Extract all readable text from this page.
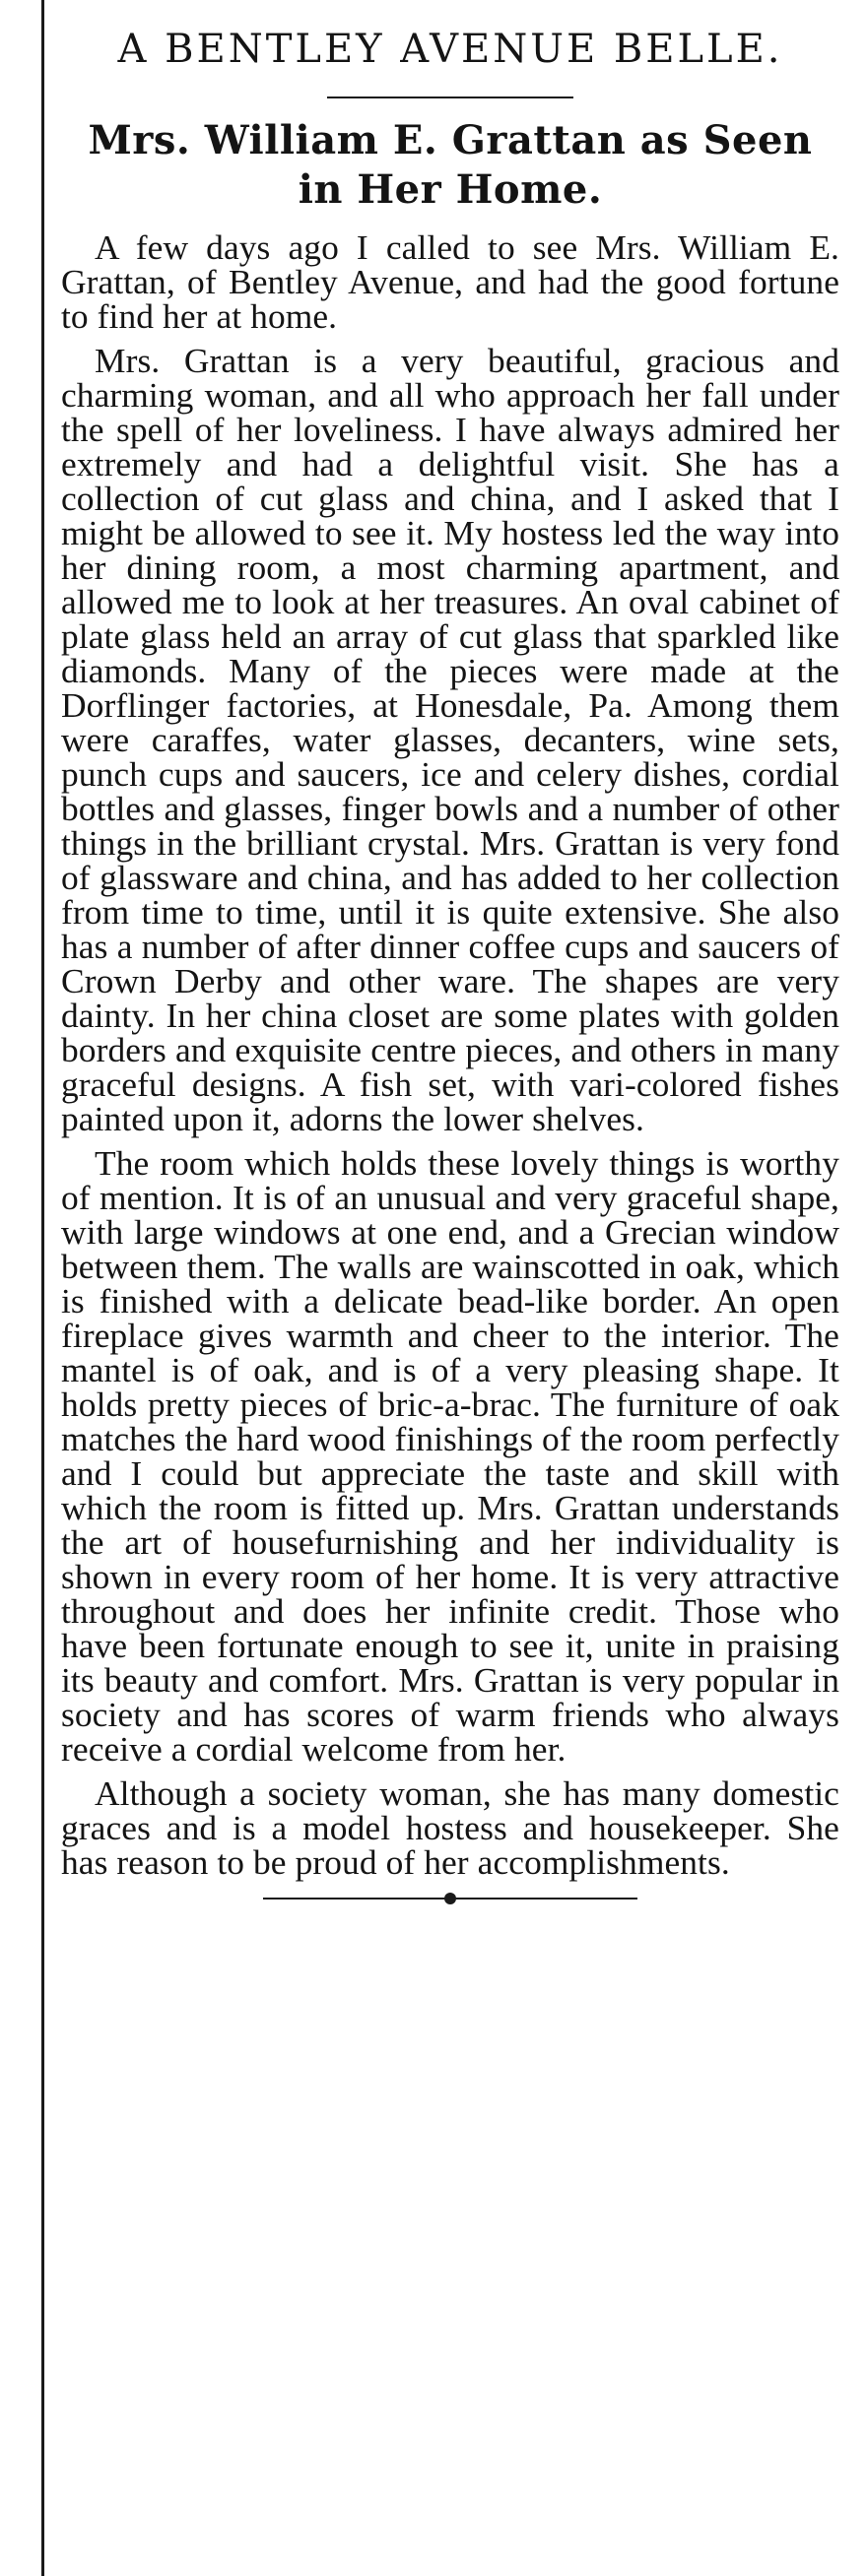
A BENTLEY AVENUE BELLE.
Mrs. William E. Grattan as Seen in Her Home.

A few days ago I called to see Mrs. William E. Grattan, of Bentley Avenue, and had the good fortune to find her at home.

Mrs. Grattan is a very beautiful, gracious and charming woman, and all who approach her fall under the spell of her loveliness. I have always admired her extremely and had a delightful visit. She has a collection of cut glass and china, and I asked that I might be allowed to see it. My hostess led the way into her dining room, a most charming apartment, and allowed me to look at her treasures. An oval cabinet of plate glass held an array of cut glass that sparkled like diamonds. Many of the pieces were made at the Dorflinger factories, at Honesdale, Pa. Among them were caraffes, water glasses, decanters, wine sets, punch cups and saucers, ice and celery dishes, cordial bottles and glasses, finger bowls and a number of other things in the brilliant crystal. Mrs. Grattan is very fond of glassware and china, and has added to her collection from time to time, until it is quite extensive. She also has a number of after dinner coffee cups and saucers of Crown Derby and other ware. The shapes are very dainty. In her china closet are some plates with golden borders and exquisite centre pieces, and others in many graceful designs. A fish set, with vari-colored fishes painted upon it, adorns the lower shelves.

The room which holds these lovely things is worthy of mention. It is of an unusual and very graceful shape, with large windows at one end, and a Grecian window between them. The walls are wainscotted in oak, which is finished with a delicate bead-like border. An open fireplace gives warmth and cheer to the interior. The mantel is of oak, and is of a very pleasing shape. It holds pretty pieces of bric-a-brac. The furniture of oak matches the hard wood finishings of the room perfectly and I could but appreciate the taste and skill with which the room is fitted up. Mrs. Grattan understands the art of housefurnishing and her individuality is shown in every room of her home. It is very attractive throughout and does her infinite credit. Those who have been fortunate enough to see it, unite in praising its beauty and comfort. Mrs. Grattan is very popular in society and has scores of warm friends who always receive a cordial welcome from her.

Although a society woman, she has many domestic graces and is a model hostess and housekeeper. She has reason to be proud of her accomplishments.
